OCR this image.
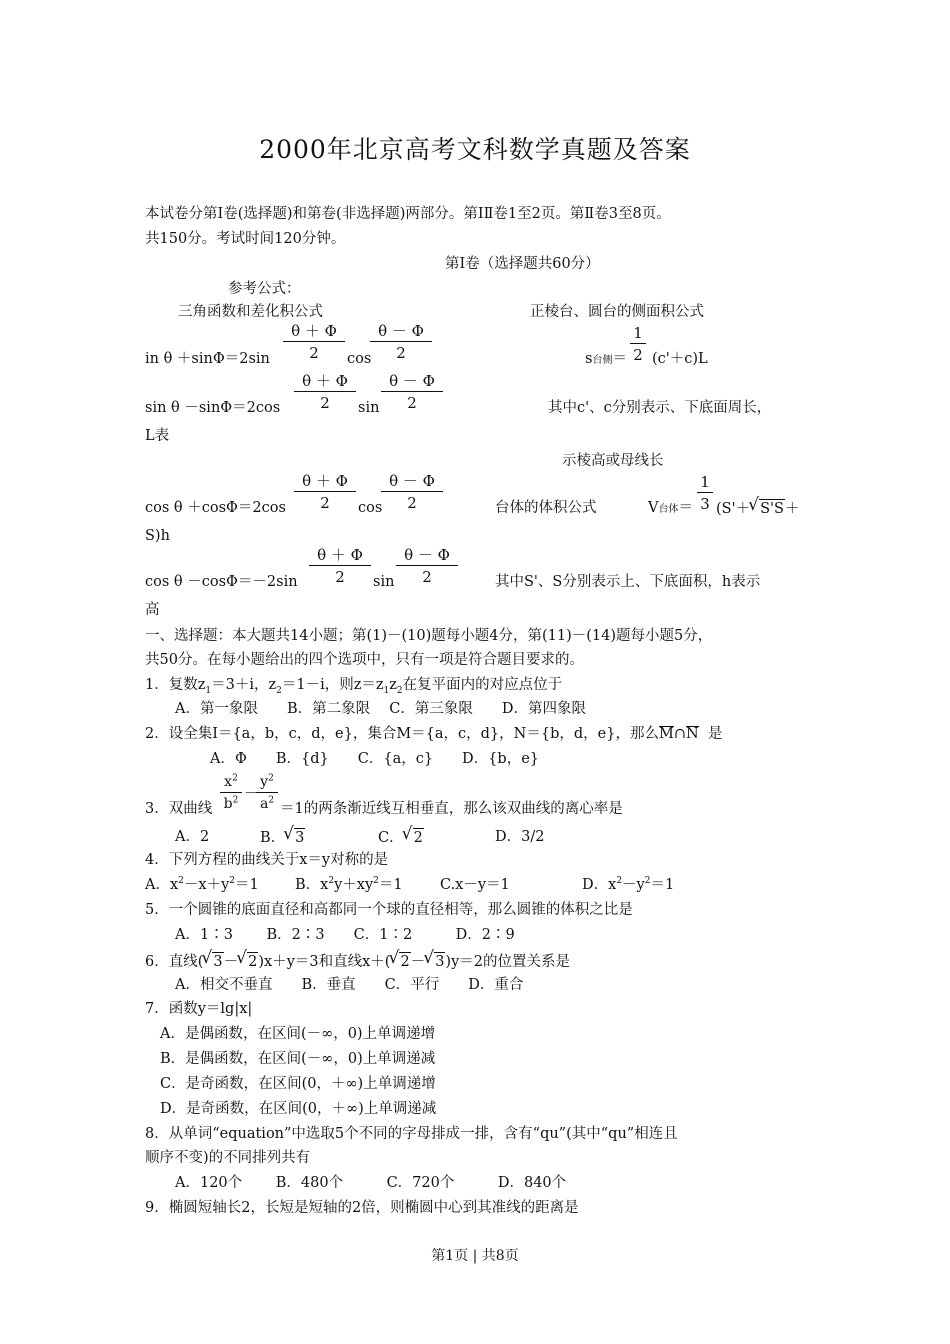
2000年北京高考文科数学真题及答案
本试卷分第Ⅰ卷(选择题)和第卷(非选择题)两部分。第ⅠⅡ卷1至2页。第Ⅱ卷3至8页。
共150分。考试时间120分钟。
第Ⅰ卷（选择题共60分）
参考公式：
三角函数和差化积公式	正棱台、圆台的侧面积公式
$\frac{\theta + \Phi}{2} \frac{\theta - \Phi}{2}$
in θ ＋sinΦ＝2sin	cos	$\frac{1}{2}$
s台侧＝ (c'＋c)L
$\frac{\theta + \Phi}{2} \frac{\theta - \Phi}{2}$
sin θ －sinΦ＝2cos	sin	其中c'、c分别表示、下底面周长，
L表
示棱高或母线长
$\frac{\theta + \Phi}{2} \frac{\theta - \Phi}{2}$
cos θ ＋cosΦ＝2cos	cos	台体的体积公式	$\frac{1}{3}$
V台体＝ (S'＋ √ S'S＋
S)h
$\frac{\theta + \Phi}{2} \frac{\theta - \Phi}{2}$
cos θ －cosΦ＝－2sin	sin	其中S'、S分别表示上、下底面积，h表示
高
一、选择题：本大题共14小题；第(1)－(10)题每小题4分，第(11)－(14)题每小题5分，
共50分。在每小题给出的四个选项中，只有一项是符合题目要求的。
1．复数$z_1=3+i$，$z_2=1-i$，则$z=z_1z_2$在复平面内的对应点位于
A．第一象限　　B．第二象限　 C．第三象限　　D．第四象限
2．设全集I＝{a，b，c，d，e}，集合M＝{a，c，d}，N＝{b，d，e}，那么M∩N 是
A．Φ　　B．{d}　　C．{a，c}　　D．{b，e}
$\frac{x^2}{b^2}$ －
$\frac{y^2}{a^2}$
3．双曲线	＝1的两条渐近线互相垂直，那么该双曲线的离心率是
A．2	B． √ 3	C． √ 2	D．3/2
4．下列方程的曲线关于x＝y对称的是
A．$x^2-x+y^2=1$	B．$x^2y+xy^2=1$	C.x－y＝1	D．$x^2-y^2=1$
5．一个圆锥的底面直径和高都同一个球的直径相等，那么圆锥的体积之比是
A．1∶3　　 B．2∶3　　C．1∶2　　　D．2∶9
6．直线( √ 3－ √ 2)x＋y＝3和直线x＋( √ 2－ √ 3)y＝2的位置关系是
A．相交不垂直　　B．垂直　　C．平行　　D．重合
7．函数y＝lg|x|
A．是偶函数，在区间(－∞，0)上单调递增
B．是偶函数，在区间(－∞，0)上单调递减
C．是奇函数，在区间(0，＋∞)上单调递增
D．是奇函数，在区间(0，＋∞)上单调递减
8．从单词“equation”中选取5个不同的字母排成一排，含有“qu”(其中“qu”相连且
顺序不变)的不同排列共有
A．120个　　 B．480个　　　C．720个　　　D．840个
9．椭圆短轴长2，长短是短轴的2倍，则椭圆中心到其准线的距离是
第1页 | 共8页
